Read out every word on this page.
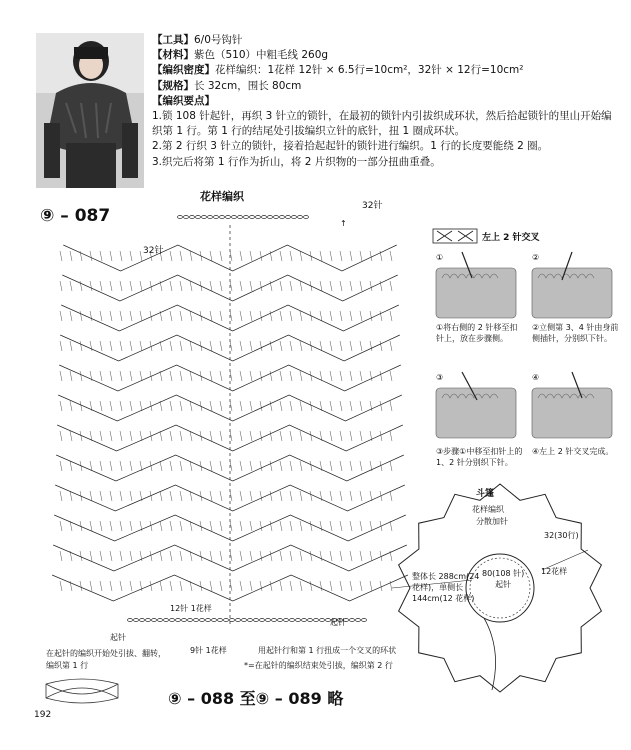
【工具】6/0号钩针

【材料】紫色（510）中粗毛线 260g

【编织密度】花样编织：1花样 12针 × 6.5行=10cm²，32针 × 12行=10cm²

【规格】长 32cm，围长 80cm

【编织要点】

1.锁 108 针起针，再织 3 针立的锁针，在最初的锁针内引拔织成环状，然后拾起锁针的里山开始编织第 1 行。第 1 行的结尾处引拔编织立针的底针，扭 1 圈成环状。

2.第 2 行织 3 针立的锁针，接着拾起起针的锁针进行编织。1 行的长度要能绕 2 圈。

3.织完后将第 1 行作为折山，将 2 片织物的一部分扭曲重叠。

⑨ – 087
花样编织
32针
32针
↑
12针 1花样
起针
起针
9针 1花样	用起针行和第 1 行扭成一个交叉的环状
*=在起针的编织结束处引拔，编织第 2 行
在起针的编织开始处引拔、翻转，编织第 1 行
⑨ – 088 至⑨ – 089 略
192
左上 2 针交叉
①	②
③	④
①将右侧的 2 针移至扣针上，放在步骤侧。
②立侧第 3、4 针由身前侧插针，分别织下针。
③步骤①中移至扣针上的 1、2 针分别织下针。
④左上 2 针交叉完成。
斗篷
花样编织
分散加针
32(30行)
12花样
整体长 288cm(24
花样)，单侧长
144cm(12 花样)
80(108 针)
起针
